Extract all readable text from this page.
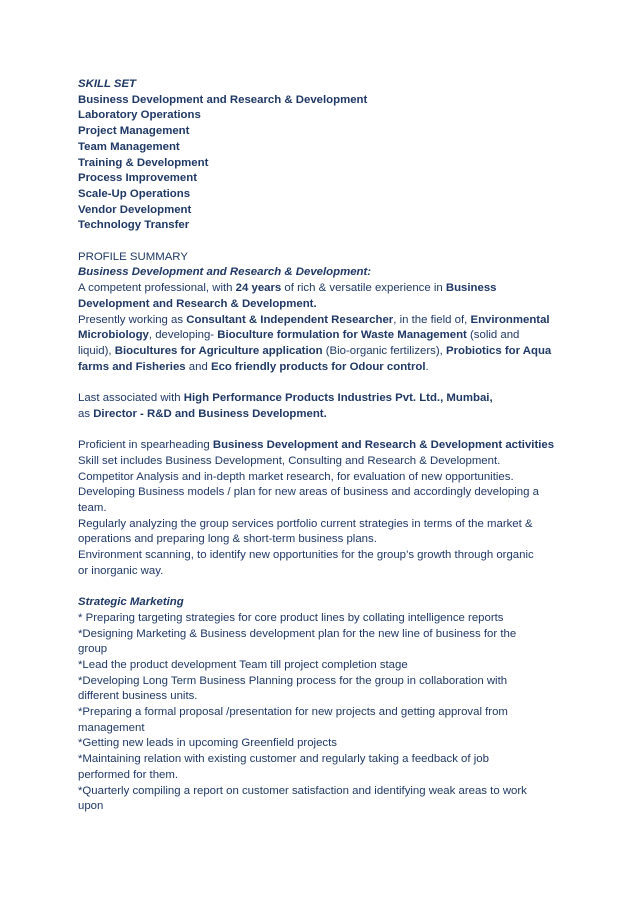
SKILL SET
Business Development and Research & Development
Laboratory Operations
Project Management
Team Management
Training & Development
Process Improvement
Scale-Up Operations
Vendor Development
Technology Transfer
PROFILE SUMMARY
Business Development and Research & Development:
A competent professional, with 24 years of rich & versatile experience in Business
Development and Research & Development.
Presently working as Consultant & Independent Researcher, in the field of, Environmental
Microbiology, developing- Bioculture formulation for Waste Management (solid and
liquid), Biocultures for Agriculture application (Bio-organic fertilizers), Probiotics for Aqua
farms and Fisheries and Eco friendly products for Odour control.
Last associated with High Performance Products Industries Pvt. Ltd., Mumbai,
as Director - R&D and Business Development.
Proficient in spearheading Business Development and Research & Development activities
Skill set includes Business Development, Consulting and Research & Development.
Competitor Analysis and in-depth market research, for evaluation of new opportunities.
Developing Business models / plan for new areas of business and accordingly developing a
team.
Regularly analyzing the group services portfolio current strategies in terms of the market &
operations and preparing long & short-term business plans.
Environment scanning, to identify new opportunities for the group’s growth through organic
or inorganic way.
Strategic Marketing
* Preparing targeting strategies for core product lines by collating intelligence reports
*Designing Marketing & Business development plan for the new line of business for the
group
*Lead the product development Team till project completion stage
*Developing Long Term Business Planning process for the group in collaboration with
different business units.
*Preparing a formal proposal /presentation for new projects and getting approval from
management
*Getting new leads in upcoming Greenfield projects
*Maintaining relation with existing customer and regularly taking a feedback of job
performed for them.
*Quarterly compiling a report on customer satisfaction and identifying weak areas to work
upon
